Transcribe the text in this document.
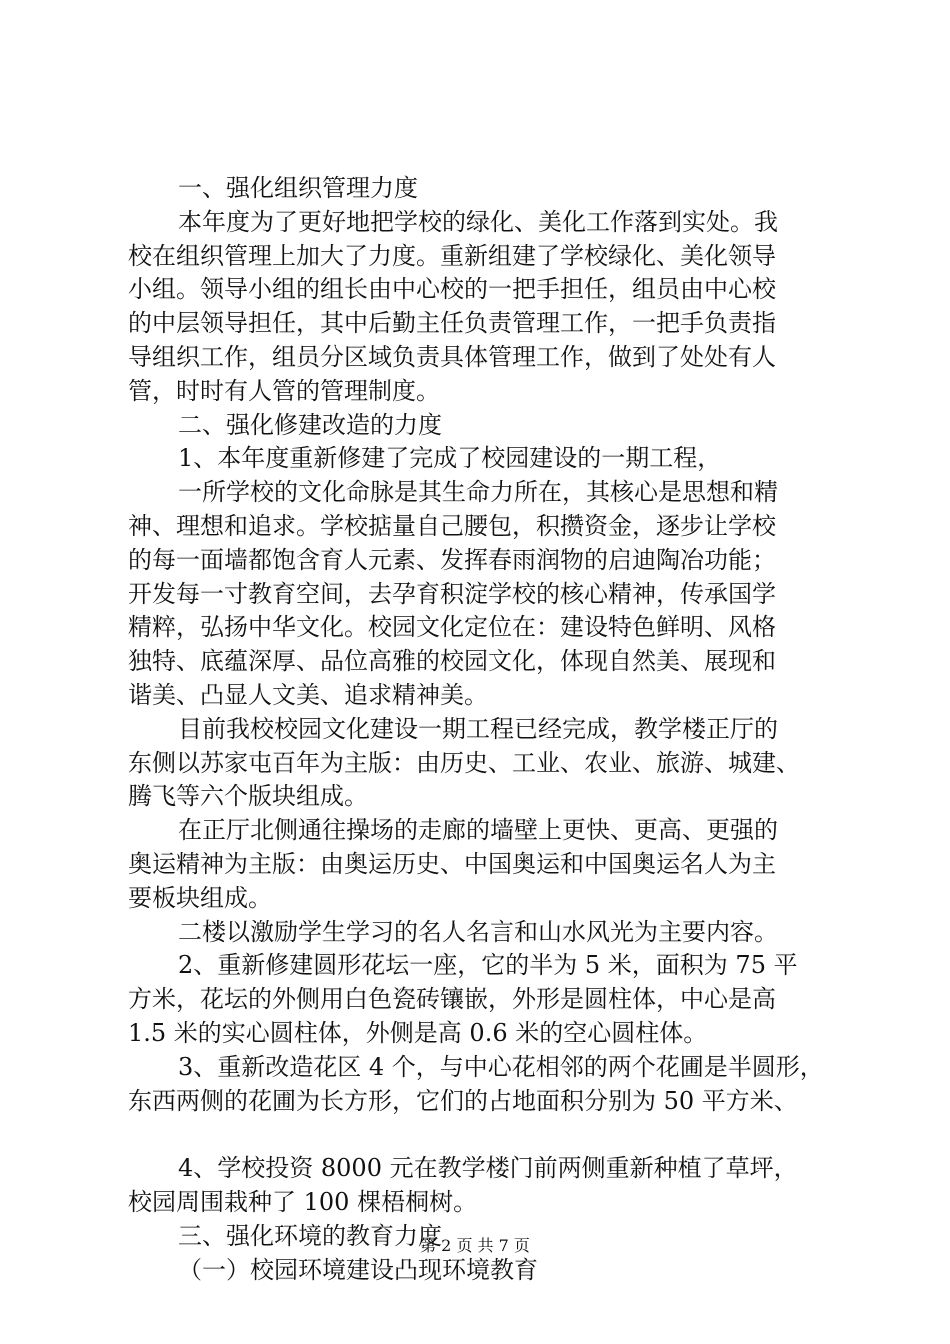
一、强化组织管理力度
本年度为了更好地把学校的绿化、美化工作落到实处。我
校在组织管理上加大了力度。重新组建了学校绿化、美化领导
小组。领导小组的组长由中心校的一把手担任，组员由中心校
的中层领导担任，其中后勤主任负责管理工作，一把手负责指
导组织工作，组员分区域负责具体管理工作，做到了处处有人
管，时时有人管的管理制度。
二、强化修建改造的力度
1、本年度重新修建了完成了校园建设的一期工程，
一所学校的文化命脉是其生命力所在，其核心是思想和精
神、理想和追求。学校掂量自己腰包，积攒资金，逐步让学校
的每一面墙都饱含育人元素、发挥春雨润物的启迪陶冶功能；
开发每一寸教育空间，去孕育积淀学校的核心精神，传承国学
精粹，弘扬中华文化。校园文化定位在：建设特色鲜明、风格
独特、底蕴深厚、品位高雅的校园文化，体现自然美、展现和
谐美、凸显人文美、追求精神美。
目前我校校园文化建设一期工程已经完成，教学楼正厅的
东侧以苏家屯百年为主版：由历史、工业、农业、旅游、城建、
腾飞等六个版块组成。
在正厅北侧通往操场的走廊的墙壁上更快、更高、更强的
奥运精神为主版：由奥运历史、中国奥运和中国奥运名人为主
要板块组成。
二楼以激励学生学习的名人名言和山水风光为主要内容。
2、重新修建圆形花坛一座，它的半为 5 米，面积为 75 平
方米，花坛的外侧用白色瓷砖镶嵌，外形是圆柱体，中心是高
1.5 米的实心圆柱体，外侧是高 0.6 米的空心圆柱体。
3、重新改造花区 4 个，与中心花相邻的两个花圃是半圆形，
东西两侧的花圃为长方形，它们的占地面积分别为 50 平方米、
4、学校投资 8000 元在教学楼门前两侧重新种植了草坪，
校园周围栽种了 100 棵梧桐树。
三、强化环境的教育力度
（一）校园环境建设凸现环境教育
第 2 页 共 7 页
